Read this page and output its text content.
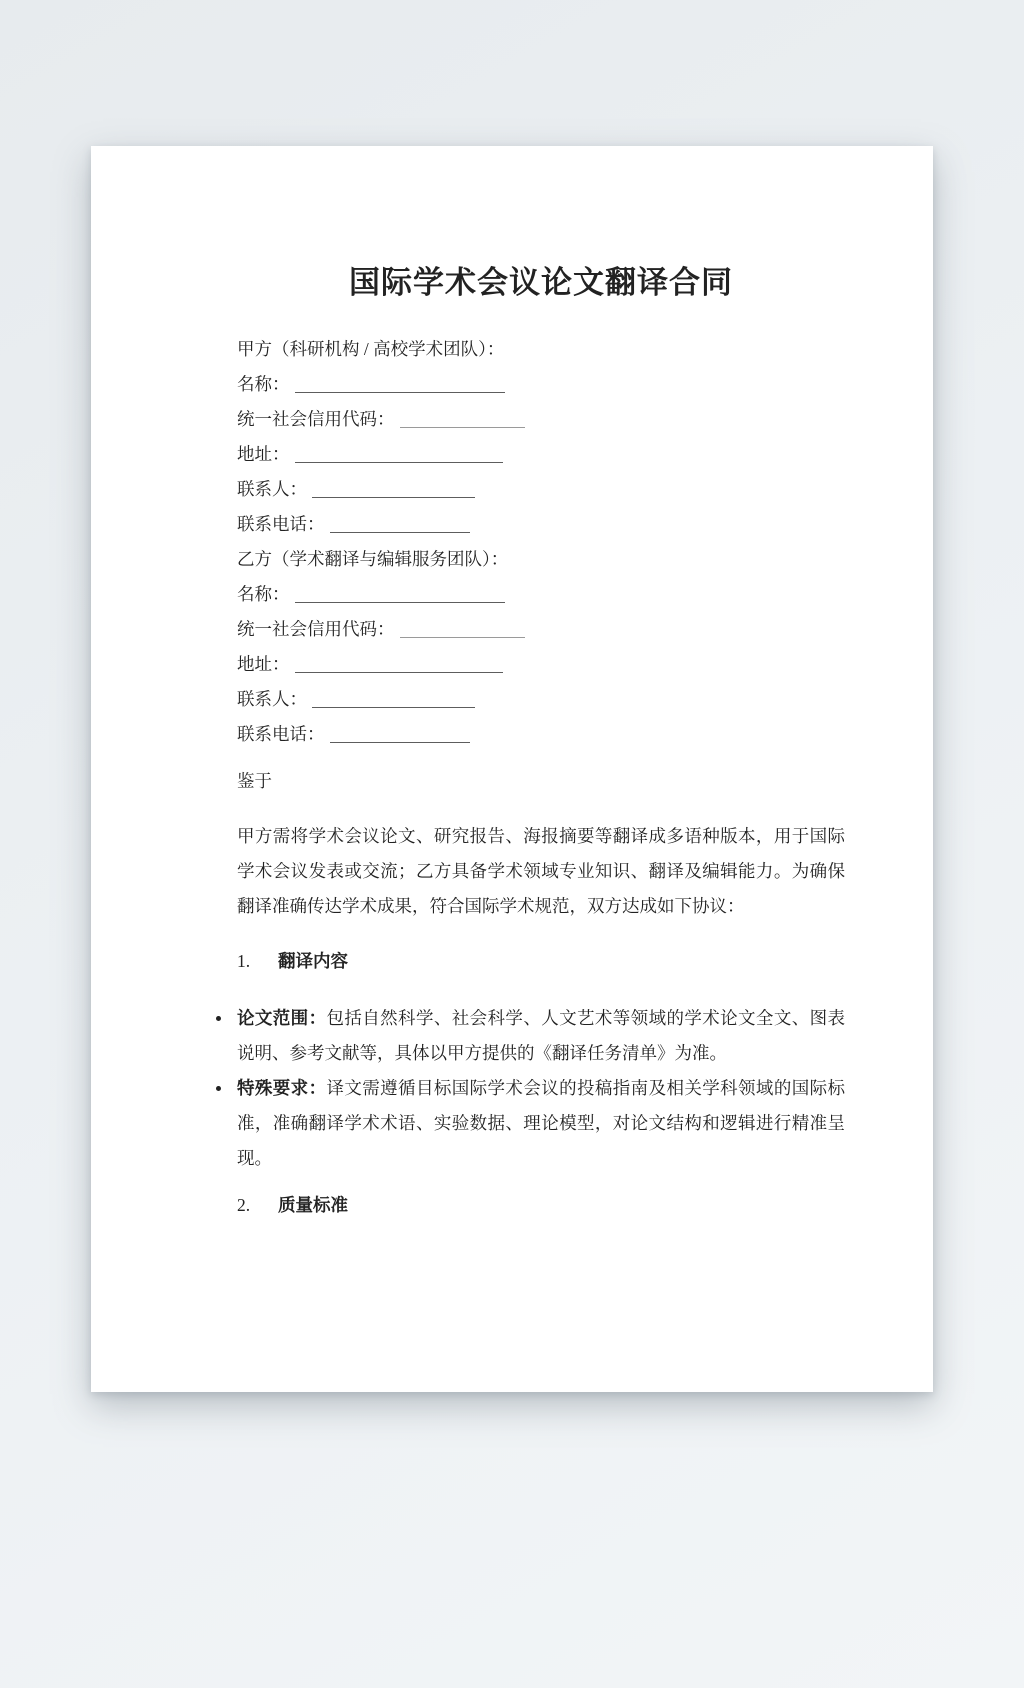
国际学术会议论文翻译合同

甲方（科研机构 / 高校学术团队）：

名称：

统一社会信用代码：

地址：

联系人：

联系电话：

乙方（学术翻译与编辑服务团队）：

名称：

统一社会信用代码：

地址：

联系人：

联系电话：

鉴于

甲方需将学术会议论文、研究报告、海报摘要等翻译成多语种版本，用于国际学术会议发表或交流；乙方具备学术领域专业知识、翻译及编辑能力。为确保翻译准确传达学术成果，符合国际学术规范，双方达成如下协议：

1.	翻译内容
论文范围：包括自然科学、社会科学、人文艺术等领域的学术论文全文、图表说明、参考文献等，具体以甲方提供的《翻译任务清单》为准。
特殊要求：译文需遵循目标国际学术会议的投稿指南及相关学科领域的国际标准，准确翻译学术术语、实验数据、理论模型，对论文结构和逻辑进行精准呈现。
2.	质量标准
